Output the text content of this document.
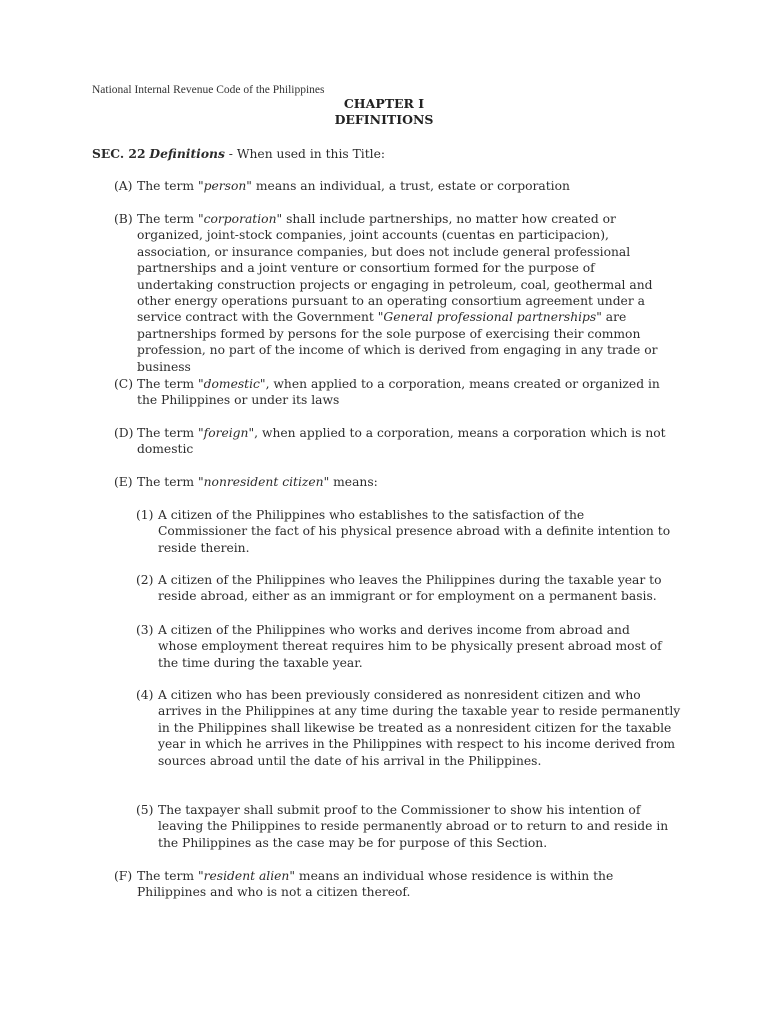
National Internal Revenue Code of the Philippines
CHAPTER I
DEFINITIONS
SEC. 22 Definitions - When used in this Title:
(A) The term "person" means an individual, a trust, estate or corporation

(B) The term "corporation" shall include partnerships, no matter how created or organized, joint-stock companies, joint accounts (cuentas en participacion), association, or insurance companies, but does not include general professional partnerships and a joint venture or consortium formed for the purpose of undertaking construction projects or engaging in petroleum, coal, geothermal and other energy operations pursuant to an operating consortium agreement under a service contract with the Government "General professional partnerships" are partnerships formed by persons for the sole purpose of exercising their common profession, no part of the income of which is derived from engaging in any trade or business

(C) The term "domestic", when applied to a corporation, means created or organized in the Philippines or under its laws

(D) The term "foreign", when applied to a corporation, means a corporation which is not domestic

(E) The term "nonresident citizen" means:

(1) A citizen of the Philippines who establishes to the satisfaction of the
Commissioner the fact of his physical presence abroad with a definite intention to reside therein.

(2) A citizen of the Philippines who leaves the Philippines during the taxable year to
reside abroad, either as an immigrant or for employment on a permanent basis.

(3) A citizen of the Philippines who works and derives income from abroad and
whose employment thereat requires him to be physically present abroad most of the time during the taxable year.

(4) A citizen who has been previously considered as nonresident citizen and who
arrives in the Philippines at any time during the taxable year to reside permanently in the Philippines shall likewise be treated as a nonresident citizen for the taxable year in which he arrives in the Philippines with respect to his income derived from sources abroad until the date of his arrival in the Philippines.

(5) The taxpayer shall submit proof to the Commissioner to show his intention of
leaving the Philippines to reside permanently abroad or to return to and reside in the Philippines as the case may be for purpose of this Section.

(F) The term "resident alien" means an individual whose residence is within the Philippines and who is not a citizen thereof.
